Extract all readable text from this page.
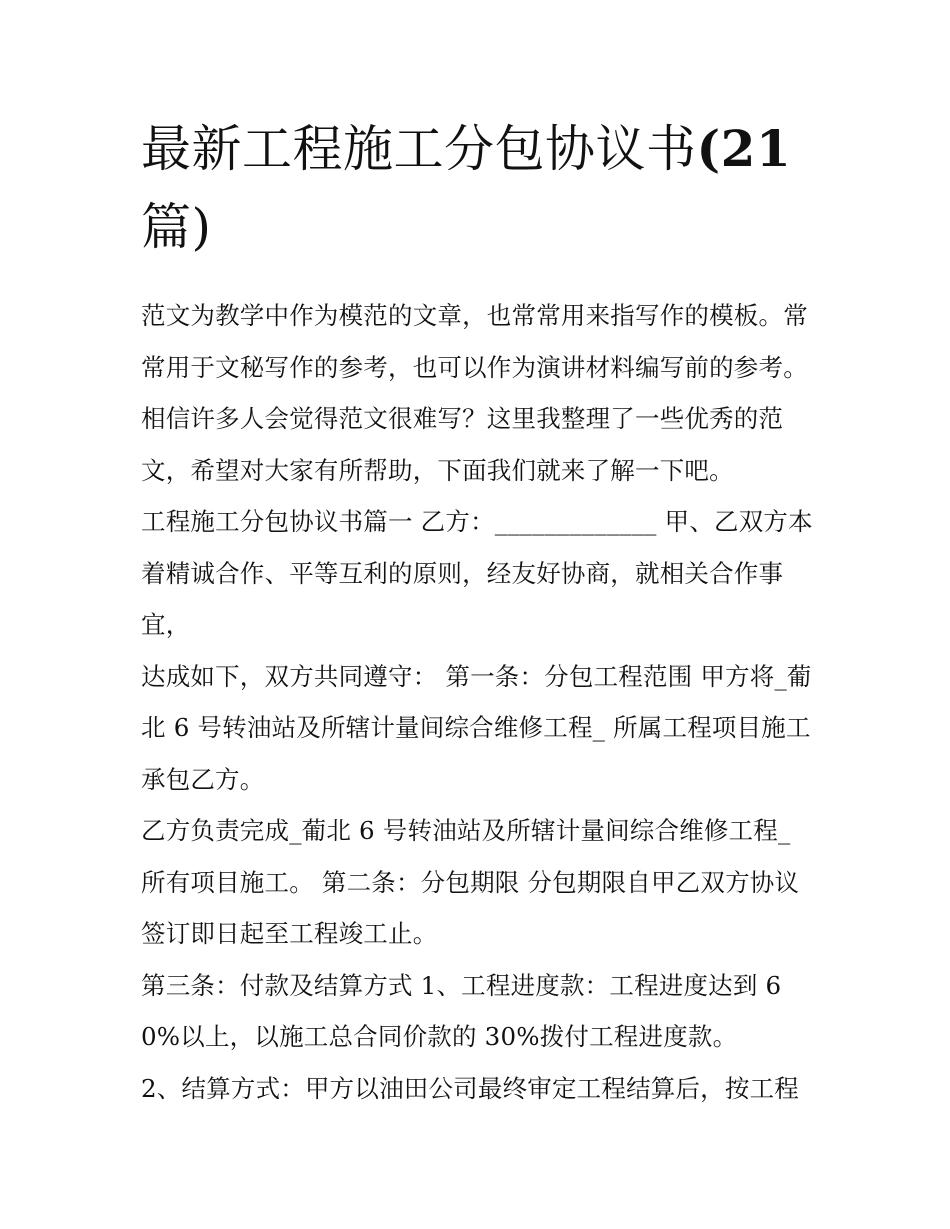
最新工程施工分包协议书(21
篇)

范文为教学中作为模范的文章，也常常用来指写作的模板。常常用于文秘写作的参考，也可以作为演讲材料编写前的参考。相信许多人会觉得范文很难写？这里我整理了一些优秀的范文，希望对大家有所帮助，下面我们就来了解一下吧。

工程施工分包协议书篇一 乙方：_____________ 甲、乙双方本着精诚合作、平等互利的原则，经友好协商，就相关合作事宜，

达成如下，双方共同遵守： 第一条：分包工程范围 甲方将_葡北 6 号转油站及所辖计量间综合维修工程_ 所属工程项目施工承包乙方。

乙方负责完成_葡北 6 号转油站及所辖计量间综合维修工程_所有项目施工。 第二条：分包期限 分包期限自甲乙双方协议签订即日起至工程竣工止。

第三条：付款及结算方式 1、工程进度款：工程进度达到 60%以上，以施工总合同价款的 30%拨付工程进度款。

2、结算方式：甲方以油田公司最终审定工程结算后，按工程
